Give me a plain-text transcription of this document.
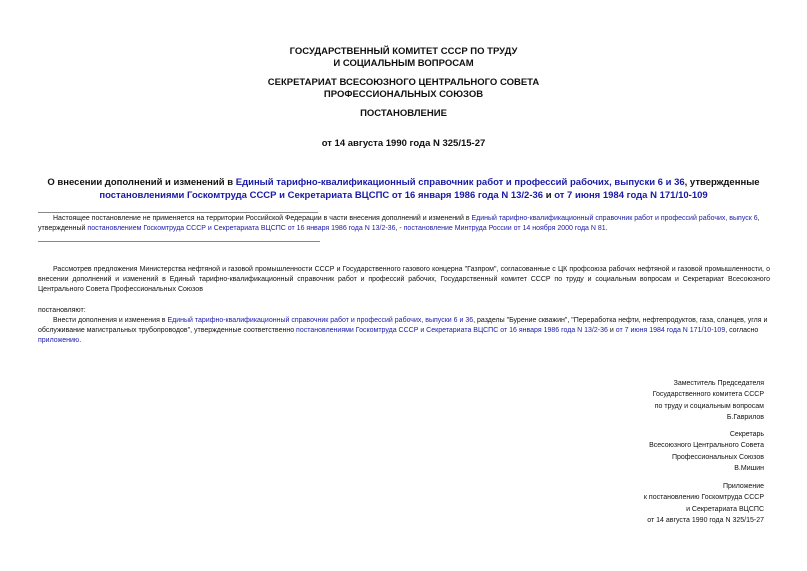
ГОСУДАРСТВЕННЫЙ КОМИТЕТ СССР ПО ТРУДУ
И СОЦИАЛЬНЫМ ВОПРОСАМ
СЕКРЕТАРИАТ ВСЕСОЮЗНОГО ЦЕНТРАЛЬНОГО СОВЕТА
ПРОФЕССИОНАЛЬНЫХ СОЮЗОВ
ПОСТАНОВЛЕНИЕ
от 14 августа 1990 года N 325/15-27
О внесении дополнений и изменений в Единый тарифно-квалификационный справочник работ и профессий рабочих, выпуски 6 и 36, утвержденные
постановлениями Госкомтруда СССР и Секретариата ВЦСПС от 16 января 1986 года N 13/2-36 и от 7 июня 1984 года N 171/10-109
Настоящее постановление не применяется на территории Российской Федерации в части внесения дополнений и изменений в Единый тарифно-квалификационный справочник работ и профессий рабочих, выпуск 6, утвержденный постановлением Госкомтруда СССР и Секретариата ВЦСПС от 16 января 1986 года N 13/2-36, - постановление Минтруда России от 14 ноября 2000 года N 81.
Рассмотрев предложения Министерства нефтяной и газовой промышленности СССР и Государственного газового концерна "Газпром", согласованные с ЦК профсоюза рабочих нефтяной и газовой промышленности, о внесении дополнений и изменений в Единый тарифно-квалификационный справочник работ и профессий рабочих, Государственный комитет СССР по труду и социальным вопросам и Секретариат Всесоюзного Центрального Совета Профессиональных Союзов
постановляют:
Внести дополнения и изменения в Единый тарифно-квалификационный справочник работ и профессий рабочих, выпуски 6 и 36, разделы "Бурение скважин", "Переработка нефти, нефтепродуктов, газа, сланцев, угля и обслуживание магистральных трубопроводов", утвержденные соответственно постановлениями Госкомтруда СССР и Секретариата ВЦСПС от 16 января 1986 года N 13/2-36 и от 7 июня 1984 года N 171/10-109, согласно приложению.
Заместитель Председателя
Государственного комитета СССР
по труду и социальным вопросам
Б.Гаврилов
Секретарь
Всесоюзного Центрального Совета
Профессиональных Союзов
В.Мишин
Приложение
к постановлению Госкомтруда СССР
и Секретариата ВЦСПС
от 14 августа 1990 года N 325/15-27
